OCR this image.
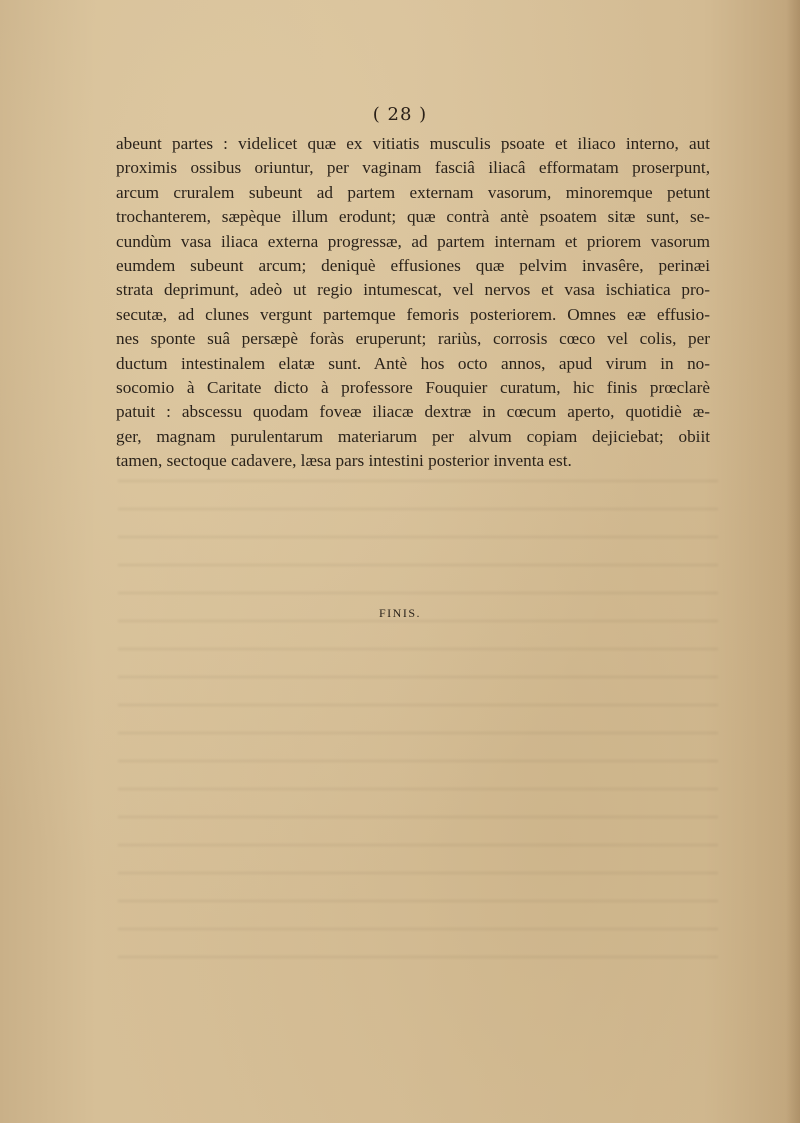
( 28 )
abeunt partes : videlicet quæ ex vitiatis musculis psoate et iliaco interno, aut
proximis ossibus oriuntur, per vaginam fasciâ iliacâ efformatam proserpunt,
arcum cruralem subeunt ad partem externam vasorum, minoremque petunt
trochanterem, sæpèque illum erodunt; quæ contrà antè psoatem sitæ sunt, se-
cundùm vasa iliaca externa progressæ, ad partem internam et priorem vasorum
eumdem subeunt arcum; deniquè effusiones quæ pelvim invasêre, perinæi
strata deprimunt, adeò ut regio intumescat, vel nervos et vasa ischiatica pro-
secutæ, ad clunes vergunt partemque femoris posteriorem. Omnes eæ effusio-
nes sponte suâ persæpè foràs eruperunt; rariùs, corrosis cœco vel colis, per
ductum intestinalem elatæ sunt. Antè hos octo annos, apud virum in no-
socomio à Caritate dicto à professore Fouquier curatum, hic finis prœclarè
patuit : abscessu quodam foveæ iliacæ dextræ in cœcum aperto, quotidiè æ-
ger, magnam purulentarum materiarum per alvum copiam dejiciebat; obiit
tamen, sectoque cadavere, læsa pars intestini posterior inventa est.
FINIS.
